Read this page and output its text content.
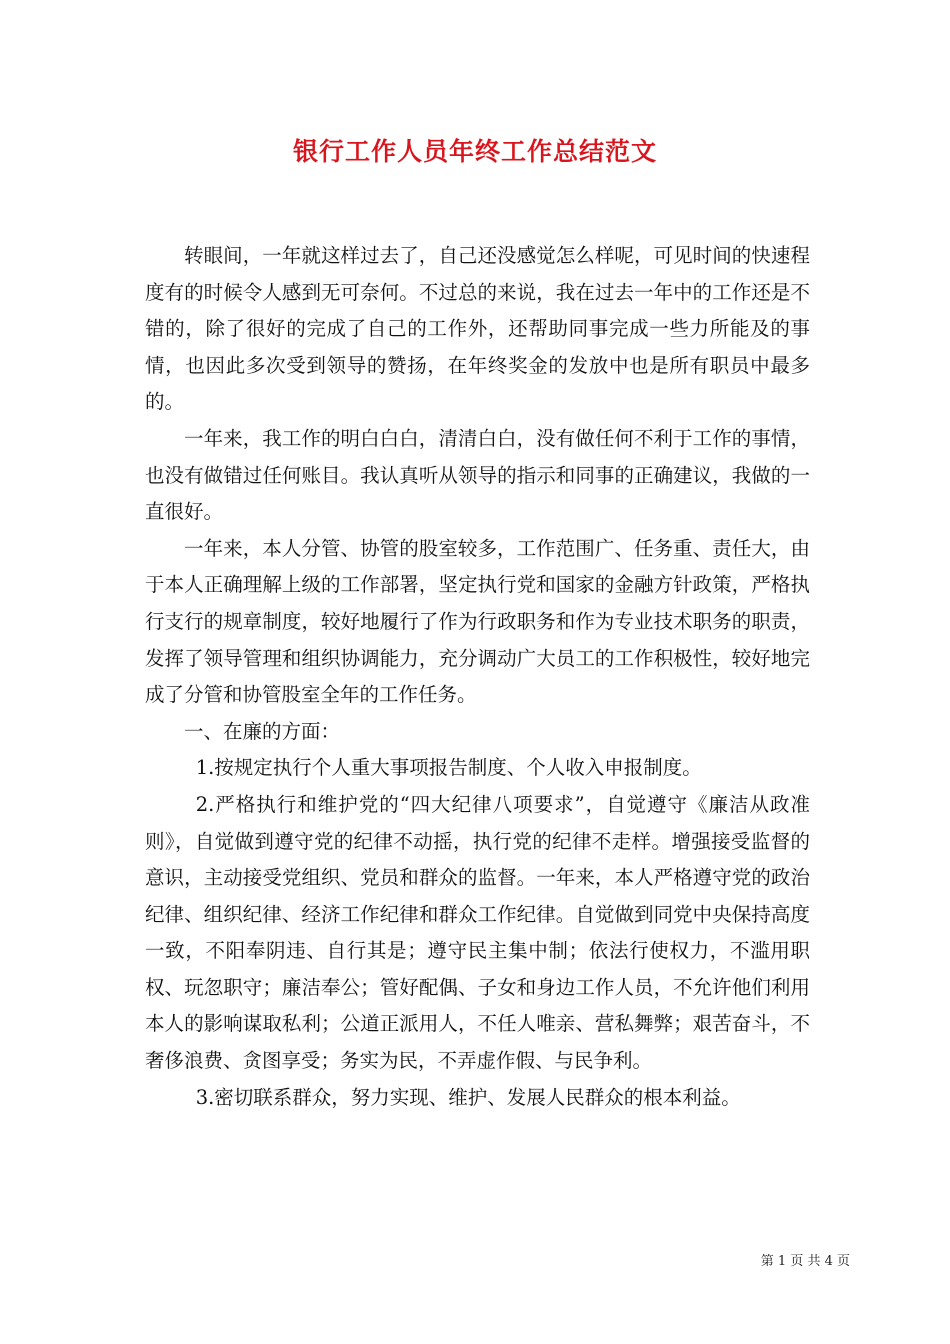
银行工作人员年终工作总结范文

转眼间，一年就这样过去了，自己还没感觉怎么样呢，可见时间的快速程度有的时候令人感到无可奈何。不过总的来说，我在过去一年中的工作还是不错的，除了很好的完成了自己的工作外，还帮助同事完成一些力所能及的事情，也因此多次受到领导的赞扬，在年终奖金的发放中也是所有职员中最多的。

一年来，我工作的明白白白，清清白白，没有做任何不利于工作的事情，也没有做错过任何账目。我认真听从领导的指示和同事的正确建议，我做的一直很好。

一年来，本人分管、协管的股室较多，工作范围广、任务重、责任大，由于本人正确理解上级的工作部署，坚定执行党和国家的金融方针政策，严格执行支行的规章制度，较好地履行了作为行政职务和作为专业技术职务的职责，发挥了领导管理和组织协调能力，充分调动广大员工的工作积极性，较好地完成了分管和协管股室全年的工作任务。

一、在廉的方面：

1.按规定执行个人重大事项报告制度、个人收入申报制度。

2.严格执行和维护党的“四大纪律八项要求”，自觉遵守《廉洁从政准则》，自觉做到遵守党的纪律不动摇，执行党的纪律不走样。增强接受监督的意识，主动接受党组织、党员和群众的监督。一年来，本人严格遵守党的政治纪律、组织纪律、经济工作纪律和群众工作纪律。自觉做到同党中央保持高度一致，不阳奉阴违、自行其是；遵守民主集中制；依法行使权力，不滥用职权、玩忽职守；廉洁奉公；管好配偶、子女和身边工作人员，不允许他们利用本人的影响谋取私利；公道正派用人，不任人唯亲、营私舞弊；艰苦奋斗，不奢侈浪费、贪图享受；务实为民，不弄虚作假、与民争利。

3.密切联系群众，努力实现、维护、发展人民群众的根本利益。

第 1 页 共 4 页
